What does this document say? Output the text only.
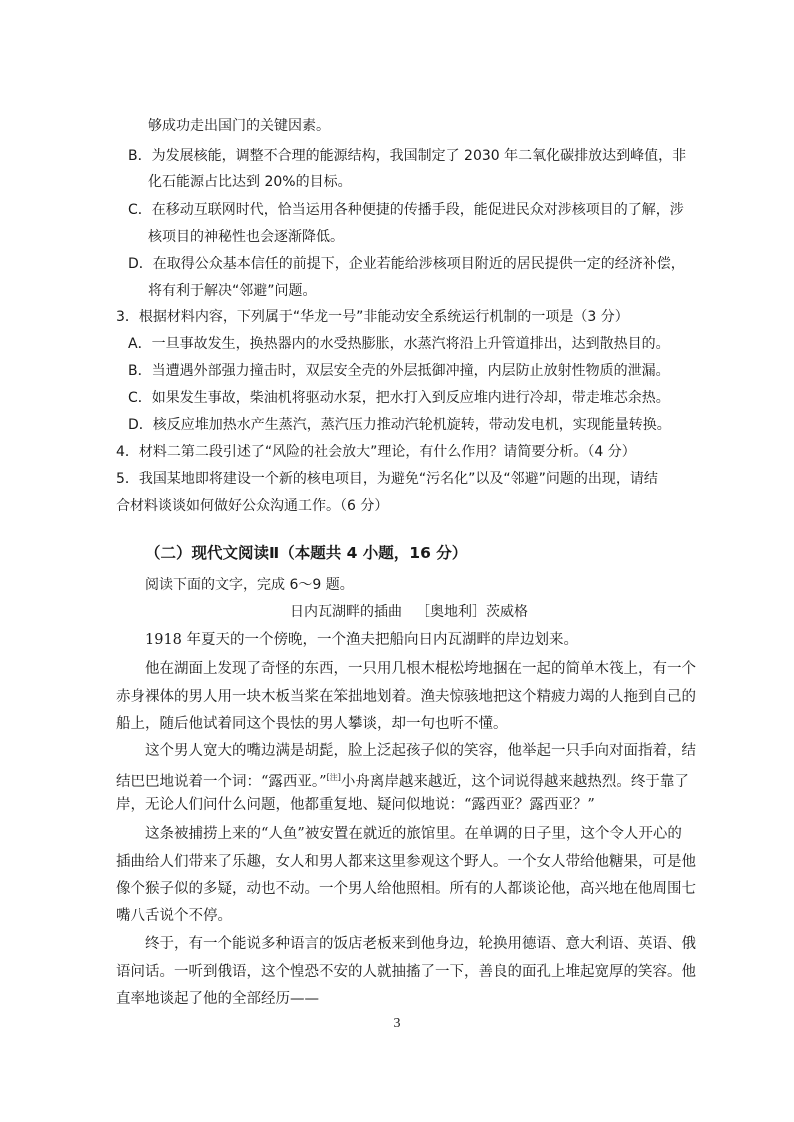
够成功走出国门的关键因素。
B．为发展核能，调整不合理的能源结构，我国制定了 2030 年二氧化碳排放达到峰值，非
化石能源占比达到 20%的目标。
C．在移动互联网时代，恰当运用各种便捷的传播手段，能促进民众对涉核项目的了解，涉
核项目的神秘性也会逐渐降低。
D．在取得公众基本信任的前提下，企业若能给涉核项目附近的居民提供一定的经济补偿，
将有利于解决“邻避”问题。
3．根据材料内容，下列属于“华龙一号”非能动安全系统运行机制的一项是（3 分）
A．一旦事故发生，换热器内的水受热膨胀，水蒸汽将沿上升管道排出，达到散热目的。
B．当遭遇外部强力撞击时，双层安全壳的外层抵御冲撞，内层防止放射性物质的泄漏。
C．如果发生事故，柴油机将驱动水泵，把水打入到反应堆内进行冷却，带走堆芯余热。
D．核反应堆加热水产生蒸汽，蒸汽压力推动汽轮机旋转，带动发电机，实现能量转换。
4．材料二第二段引述了“风险的社会放大”理论，有什么作用？请简要分析。（4 分）
5．我国某地即将建设一个新的核电项目，为避免“污名化”以及“邻避”问题的出现，请结
合材料谈谈如何做好公众沟通工作。（6 分）
（二）现代文阅读Ⅱ（本题共 4 小题，16 分）
阅读下面的文字，完成 6～9 题。
日内瓦湖畔的插曲 ［奥地利］茨威格
1918 年夏天的一个傍晚，一个渔夫把船向日内瓦湖畔的岸边划来。
他在湖面上发现了奇怪的东西，一只用几根木棍松垮地捆在一起的简单木筏上，有一个
赤身裸体的男人用一块木板当桨在笨拙地划着。渔夫惊骇地把这个精疲力竭的人拖到自己的
船上，随后他试着同这个畏怯的男人攀谈，却一句也听不懂。
这个男人宽大的嘴边满是胡髭，脸上泛起孩子似的笑容，他举起一只手向对面指着，结
结巴巴地说着一个词：“露西亚。”[注]小舟离岸越来越近，这个词说得越来越热烈。终于靠了
岸，无论人们问什么问题，他都重复地、疑问似地说：“露西亚？露西亚？”
这条被捕捞上来的“人鱼”被安置在就近的旅馆里。在单调的日子里，这个令人开心的
插曲给人们带来了乐趣，女人和男人都来这里参观这个野人。一个女人带给他糖果，可是他
像个猴子似的多疑，动也不动。一个男人给他照相。所有的人都谈论他，高兴地在他周围七
嘴八舌说个不停。
终于，有一个能说多种语言的饭店老板来到他身边，轮换用德语、意大利语、英语、俄
语问话。一听到俄语，这个惶恐不安的人就抽搐了一下，善良的面孔上堆起宽厚的笑容。他
直率地谈起了他的全部经历——
3
